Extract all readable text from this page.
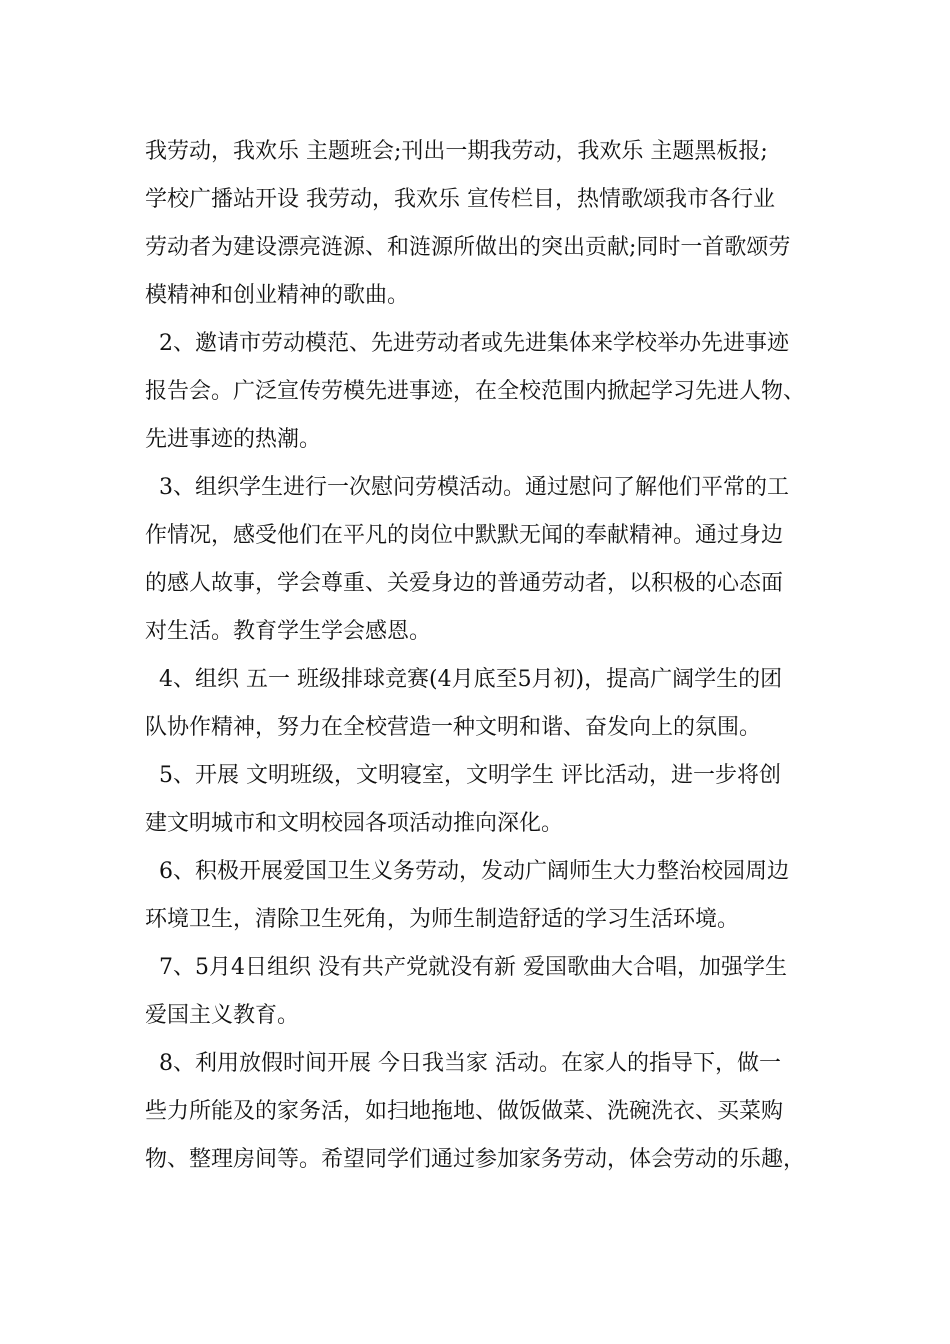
我劳动，我欢乐 主题班会;刊出一期我劳动，我欢乐 主题黑板报;
学校广播站开设 我劳动，我欢乐 宣传栏目，热情歌颂我市各行业
劳动者为建设漂亮涟源、和涟源所做出的突出贡献;同时一首歌颂劳
模精神和创业精神的歌曲。
2、邀请市劳动模范、先进劳动者或先进集体来学校举办先进事迹
报告会。广泛宣传劳模先进事迹，在全校范围内掀起学习先进人物、
先进事迹的热潮。
3、组织学生进行一次慰问劳模活动。通过慰问了解他们平常的工
作情况，感受他们在平凡的岗位中默默无闻的奉献精神。通过身边
的感人故事，学会尊重、关爱身边的普通劳动者，以积极的心态面
对生活。教育学生学会感恩。
4、组织 五一 班级排球竞赛(4月底至5月初)，提高广阔学生的团
队协作精神，努力在全校营造一种文明和谐、奋发向上的氛围。
5、开展 文明班级，文明寝室，文明学生 评比活动，进一步将创
建文明城市和文明校园各项活动推向深化。
6、积极开展爱国卫生义务劳动，发动广阔师生大力整治校园周边
环境卫生，清除卫生死角，为师生制造舒适的学习生活环境。
7、5月4日组织 没有共产党就没有新 爱国歌曲大合唱，加强学生
爱国主义教育。
8、利用放假时间开展 今日我当家 活动。在家人的指导下，做一
些力所能及的家务活，如扫地拖地、做饭做菜、洗碗洗衣、买菜购
物、整理房间等。希望同学们通过参加家务劳动，体会劳动的乐趣，
